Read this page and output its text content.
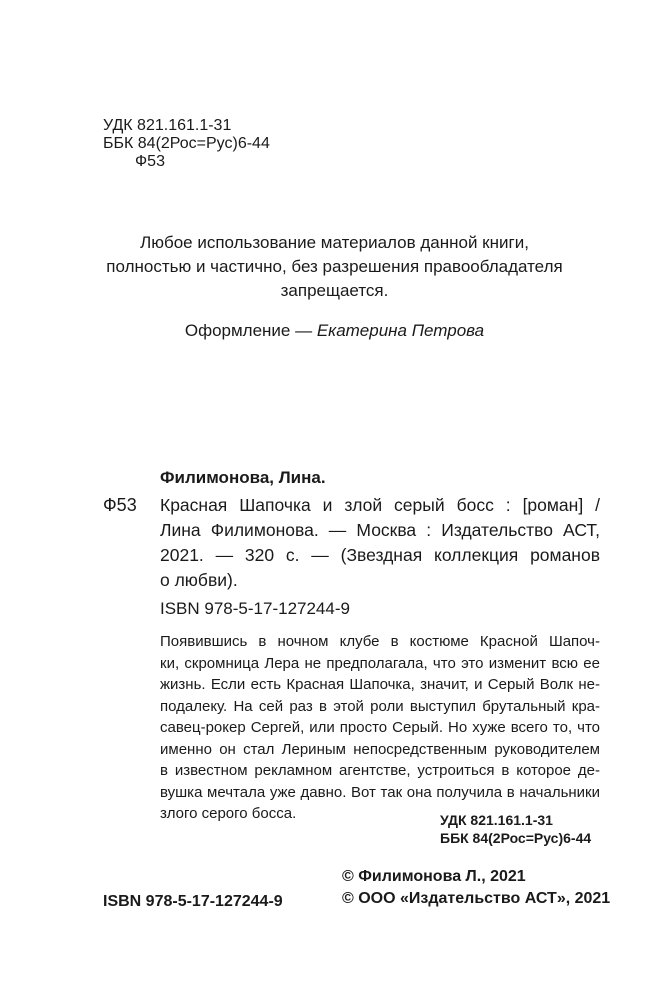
УДК 821.161.1-31
ББК 84(2Рос=Рус)6-44
Ф53
Любое использование материалов данной книги,
полностью и частично, без разрешения правообладателя
запрещается.
Оформление — Екатерина Петрова
Филимонова, Лина.
Ф53 Красная Шапочка и злой серый босс : [роман] /
Лина Филимонова. — Москва : Издательство АСТ,
2021. — 320 с. — (Звездная коллекция романов
о любви).
ISBN 978-5-17-127244-9
Появившись в ночном клубе в костюме Красной Шапоч-
ки, скромница Лера не предполагала, что это изменит всю ее
жизнь. Если есть Красная Шапочка, значит, и Серый Волк не-
подалеку. На сей раз в этой роли выступил брутальный кра-
савец-рокер Сергей, или просто Серый. Но хуже всего то, что
именно он стал Лериным непосредственным руководителем
в известном рекламном агентстве, устроиться в которое де-
вушка мечтала уже давно. Вот так она получила в начальники
злого серого босса.	УДК 821.161.1-31
ББК 84(2Рос=Рус)6-44
ISBN 978-5-17-127244-9
© Филимонова Л., 2021
© ООО «Издательство АСТ», 2021
